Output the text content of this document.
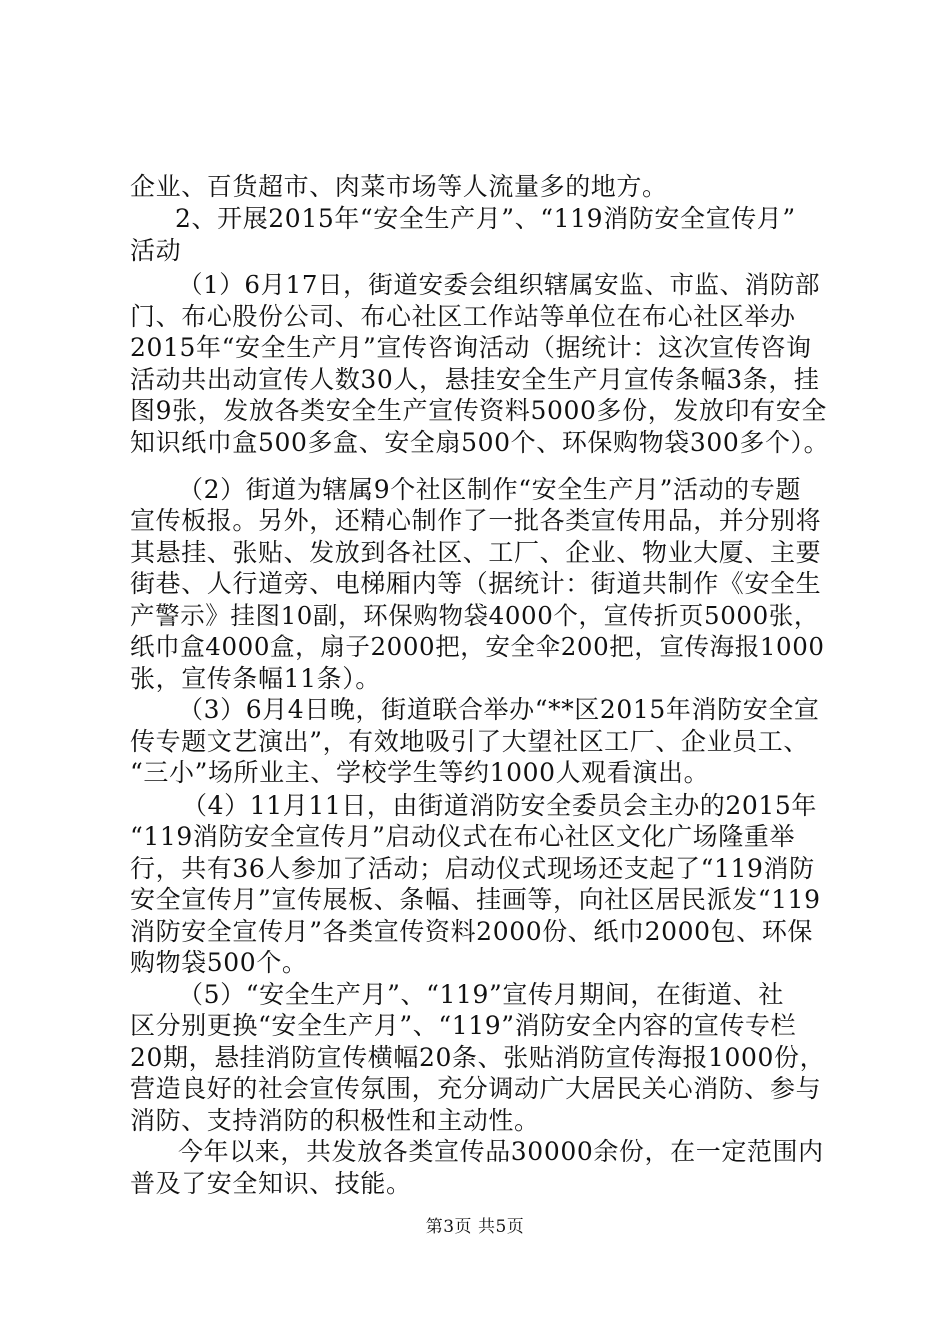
企业、百货超市、肉菜市场等人流量多的地方。
2、开展2015年“安全生产月”、“119消防安全宣传月”
活动
（1）6月17日，街道安委会组织辖属安监、市监、消防部
门、布心股份公司、布心社区工作站等单位在布心社区举办
2015年“安全生产月”宣传咨询活动（据统计：这次宣传咨询
活动共出动宣传人数30人，悬挂安全生产月宣传条幅3条，挂
图9张，发放各类安全生产宣传资料5000多份，发放印有安全
知识纸巾盒500多盒、安全扇500个、环保购物袋300多个）。
（2）街道为辖属9个社区制作“安全生产月”活动的专题
宣传板报。另外，还精心制作了一批各类宣传用品，并分别将
其悬挂、张贴、发放到各社区、工厂、企业、物业大厦、主要
街巷、人行道旁、电梯厢内等（据统计：街道共制作《安全生
产警示》挂图10副，环保购物袋4000个，宣传折页5000张，
纸巾盒4000盒，扇子2000把，安全伞200把，宣传海报1000
张，宣传条幅11条）。
（3）6月4日晚，街道联合举办“**区2015年消防安全宣
传专题文艺演出”，有效地吸引了大望社区工厂、企业员工、
“三小”场所业主、学校学生等约1000人观看演出。
（4）11月11日，由街道消防安全委员会主办的2015年
“119消防安全宣传月”启动仪式在布心社区文化广场隆重举
行，共有36人参加了活动；启动仪式现场还支起了“119消防
安全宣传月”宣传展板、条幅、挂画等，向社区居民派发“119
消防安全宣传月”各类宣传资料2000份、纸巾2000包、环保
购物袋500个。
（5）“安全生产月”、“119”宣传月期间，在街道、社
区分别更换“安全生产月”、“119”消防安全内容的宣传专栏
20期，悬挂消防宣传横幅20条、张贴消防宣传海报1000份，
营造良好的社会宣传氛围，充分调动广大居民关心消防、参与
消防、支持消防的积极性和主动性。
今年以来，共发放各类宣传品30000余份，在一定范围内
普及了安全知识、技能。
第3页 共5页
